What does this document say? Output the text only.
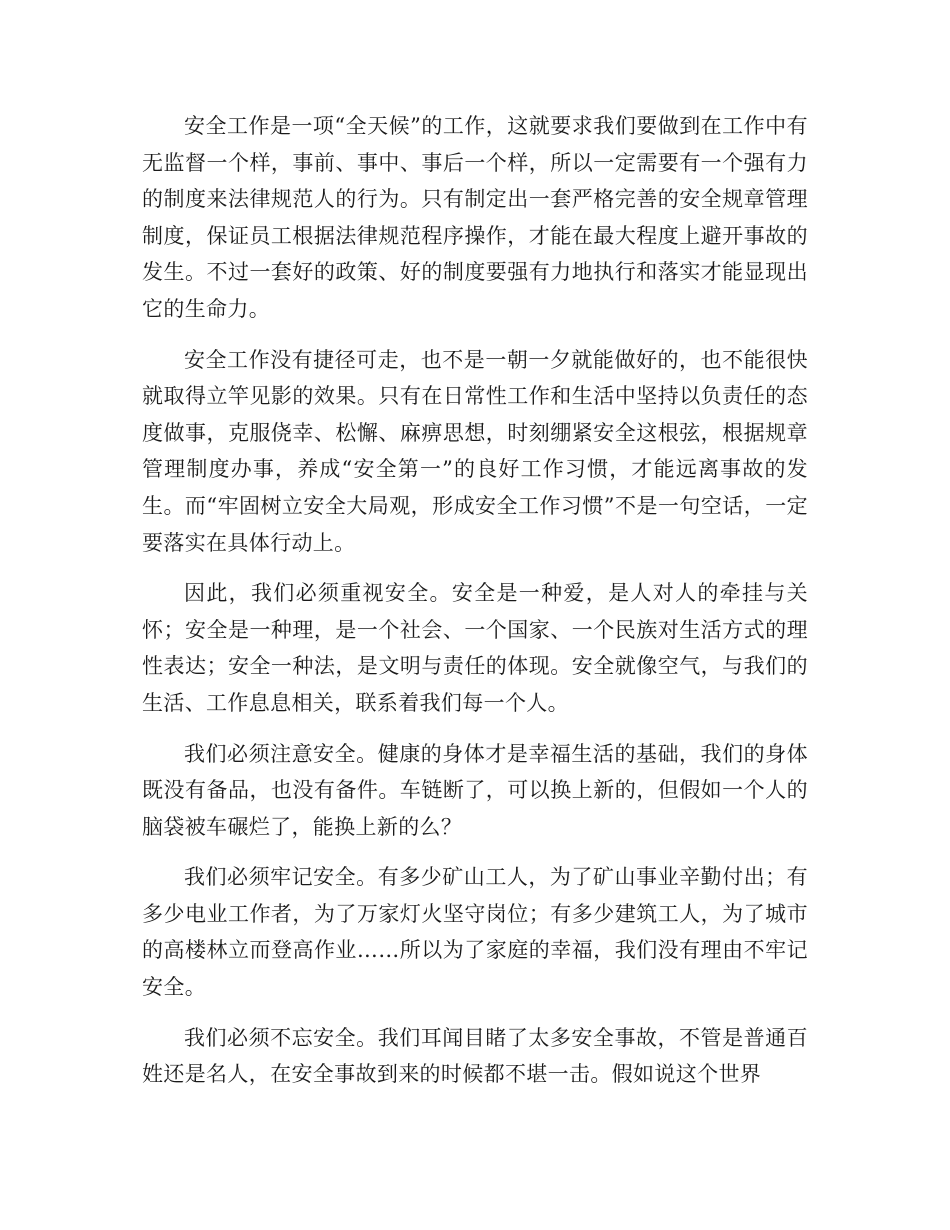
安全工作是一项“全天候”的工作，这就要求我们要做到在工作中有无监督一个样，事前、事中、事后一个样，所以一定需要有一个强有力的制度来法律规范人的行为。只有制定出一套严格完善的安全规章管理制度，保证员工根据法律规范程序操作，才能在最大程度上避开事故的发生。不过一套好的政策、好的制度要强有力地执行和落实才能显现出它的生命力。

安全工作没有捷径可走，也不是一朝一夕就能做好的，也不能很快就取得立竿见影的效果。只有在日常性工作和生活中坚持以负责任的态度做事，克服侥幸、松懈、麻痹思想，时刻绷紧安全这根弦，根据规章管理制度办事，养成“安全第一”的良好工作习惯，才能远离事故的发生。而“牢固树立安全大局观，形成安全工作习惯”不是一句空话，一定要落实在具体行动上。

因此，我们必须重视安全。安全是一种爱，是人对人的牵挂与关怀；安全是一种理，是一个社会、一个国家、一个民族对生活方式的理性表达；安全一种法，是文明与责任的体现。安全就像空气，与我们的生活、工作息息相关，联系着我们每一个人。

我们必须注意安全。健康的身体才是幸福生活的基础，我们的身体既没有备品，也没有备件。车链断了，可以换上新的，但假如一个人的脑袋被车碾烂了，能换上新的么？

我们必须牢记安全。有多少矿山工人，为了矿山事业辛勤付出；有多少电业工作者，为了万家灯火坚守岗位；有多少建筑工人，为了城市的高楼林立而登高作业……所以为了家庭的幸福，我们没有理由不牢记安全。

我们必须不忘安全。我们耳闻目睹了太多安全事故，不管是普通百姓还是名人，在安全事故到来的时候都不堪一击。假如说这个世界
